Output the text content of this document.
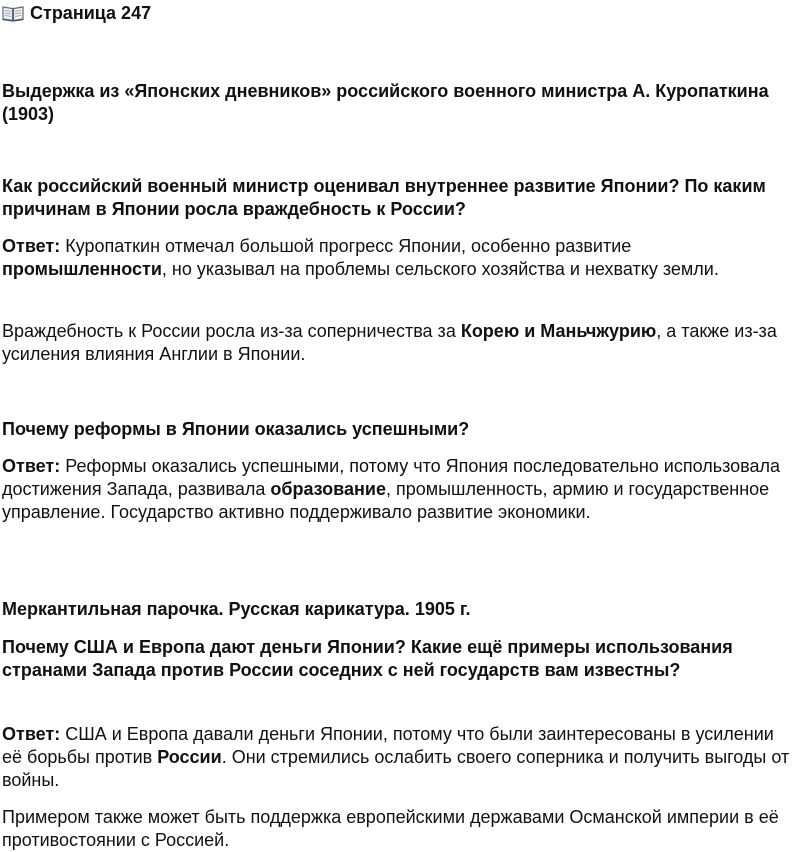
Страница 247

Выдержка из «Японских дневников» российского военного министра А. Куропаткина (1903)

Как российский военный министр оценивал внутреннее развитие Японии? По каким причинам в Японии росла враждебность к России?

Ответ: Куропаткин отмечал большой прогресс Японии, особенно развитие промышленности, но указывал на проблемы сельского хозяйства и нехватку земли.

Враждебность к России росла из-за соперничества за Корею и Маньчжурию, а также из-за усиления влияния Англии в Японии.

Почему реформы в Японии оказались успешными?

Ответ: Реформы оказались успешными, потому что Япония последовательно использовала достижения Запада, развивала образование, промышленность, армию и государственное управление. Государство активно поддерживало развитие экономики.

Меркантильная парочка. Русская карикатура. 1905 г.

Почему США и Европа дают деньги Японии? Какие ещё примеры использования странами Запада против России соседних с ней государств вам известны?

Ответ: США и Европа давали деньги Японии, потому что были заинтересованы в усилении её борьбы против России. Они стремились ослабить своего соперника и получить выгоды от войны.

Примером также может быть поддержка европейскими державами Османской империи в её противостоянии с Россией.
